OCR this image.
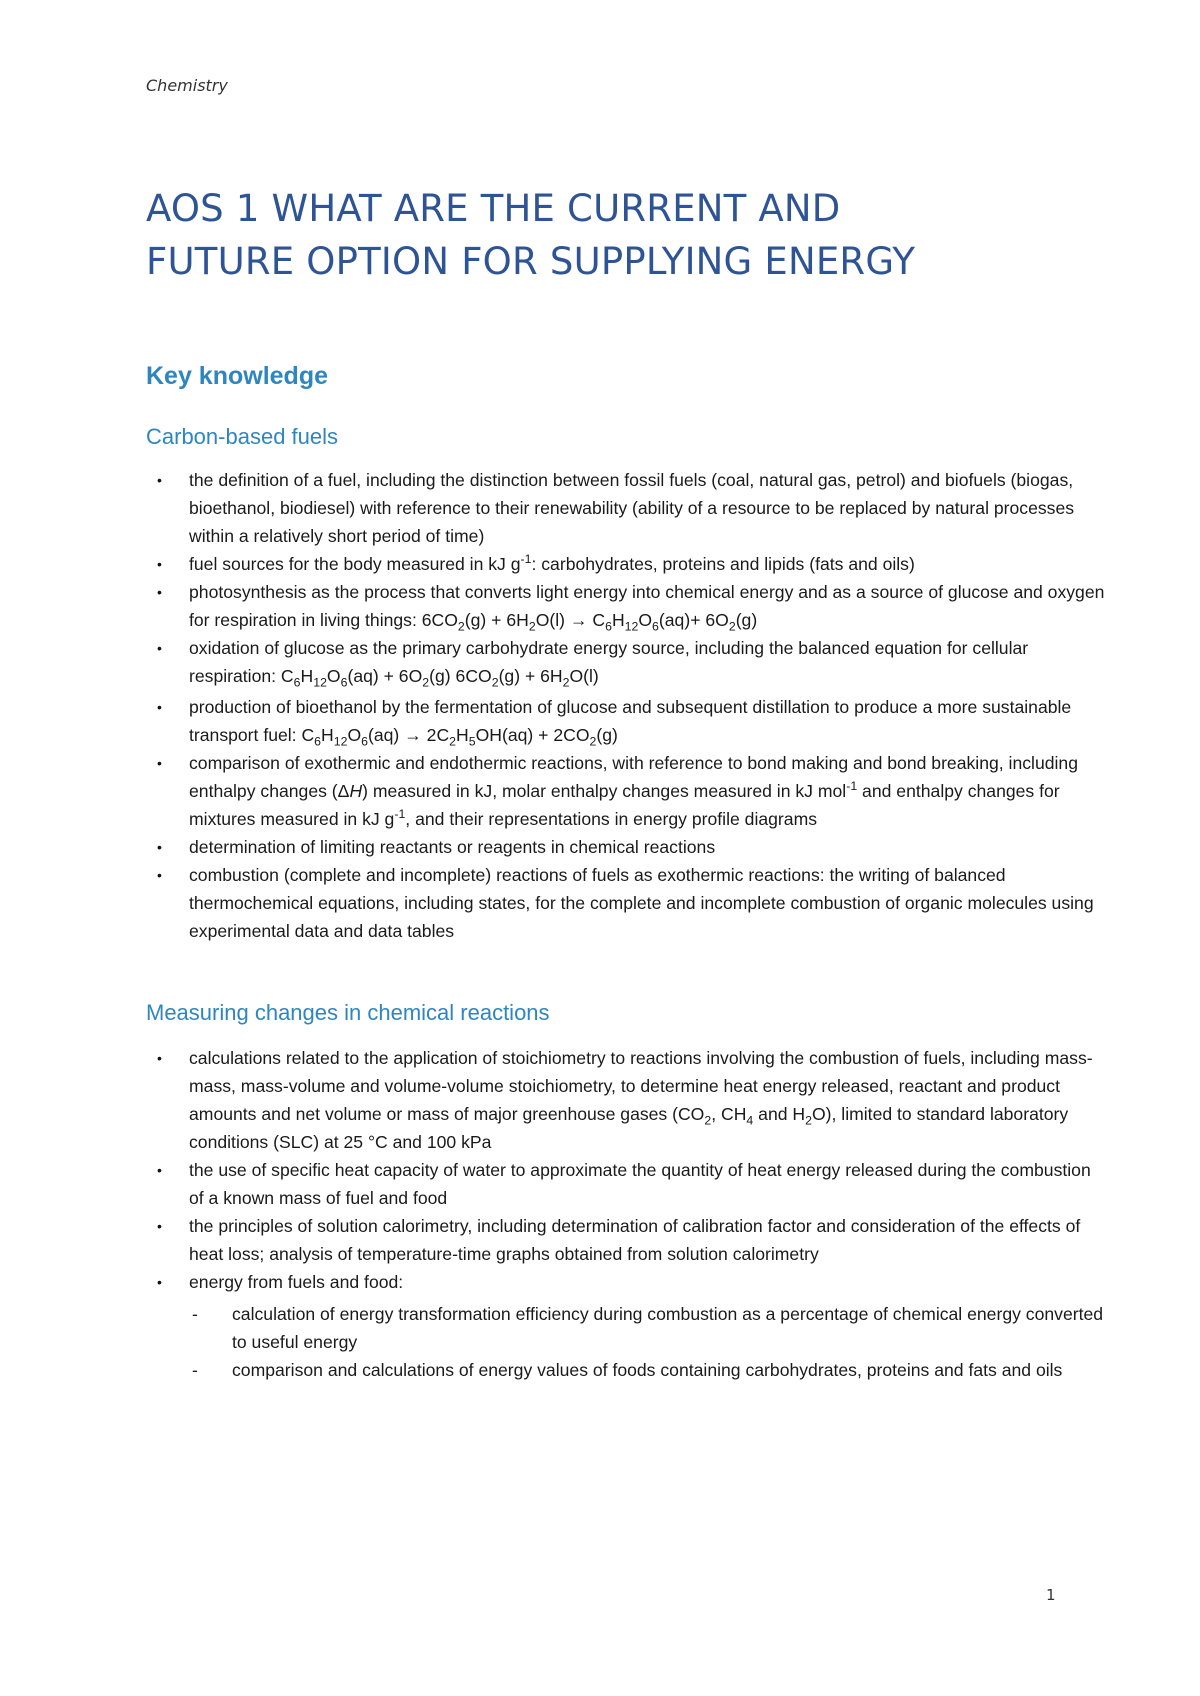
Chemistry
AOS 1 WHAT ARE THE CURRENT AND
FUTURE OPTION FOR SUPPLYING ENERGY
Key knowledge
Carbon-based fuels
• the definition of a fuel, including the distinction between fossil fuels (coal, natural gas, petrol) and biofuels (biogas, bioethanol, biodiesel) with reference to their renewability (ability of a resource to be replaced by natural processes within a relatively short period of time)
• fuel sources for the body measured in kJ $g^{-1}$: carbohydrates, proteins and lipids (fats and oils)
• photosynthesis as the process that converts light energy into chemical energy and as a source of glucose and oxygen for respiration in living things: $6CO_2(g) + 6H_2O(l) \to C_6H_{12}O_6(aq)+ 6O_2(g)$
• oxidation of glucose as the primary carbohydrate energy source, including the balanced equation for cellular respiration: $C_6H_{12}O_6(aq) + 6O_2(g) 6CO_2(g) + 6H_2O(l)$
• production of bioethanol by the fermentation of glucose and subsequent distillation to produce a more sustainable transport fuel: $C_6H_{12}O_6(aq) \to 2C_2H_5OH(aq) + 2CO_2(g)$
• comparison of exothermic and endothermic reactions, with reference to bond making and bond breaking, including enthalpy changes (ΔH) measured in kJ, molar enthalpy changes measured in kJ mol$^{-1}$ and enthalpy changes for mixtures measured in kJ $g^{-1}$, and their representations in energy profile diagrams
• determination of limiting reactants or reagents in chemical reactions
• combustion (complete and incomplete) reactions of fuels as exothermic reactions: the writing of balanced thermochemical equations, including states, for the complete and incomplete combustion of organic molecules using experimental data and data tables
Measuring changes in chemical reactions
• calculations related to the application of stoichiometry to reactions involving the combustion of fuels, including mass-mass, mass-volume and volume-volume stoichiometry, to determine heat energy released, reactant and product amounts and net volume or mass of major greenhouse gases ($CO_2$, $CH_4$ and $H_2O$), limited to standard laboratory conditions (SLC) at 25 °C and 100 kPa
• the use of specific heat capacity of water to approximate the quantity of heat energy released during the combustion of a known mass of fuel and food
• the principles of solution calorimetry, including determination of calibration factor and consideration of the effects of heat loss; analysis of temperature-time graphs obtained from solution calorimetry
• energy from fuels and food:
- calculation of energy transformation efficiency during combustion as a percentage of chemical energy converted to useful energy
- comparison and calculations of energy values of foods containing carbohydrates, proteins and fats and oils
1
